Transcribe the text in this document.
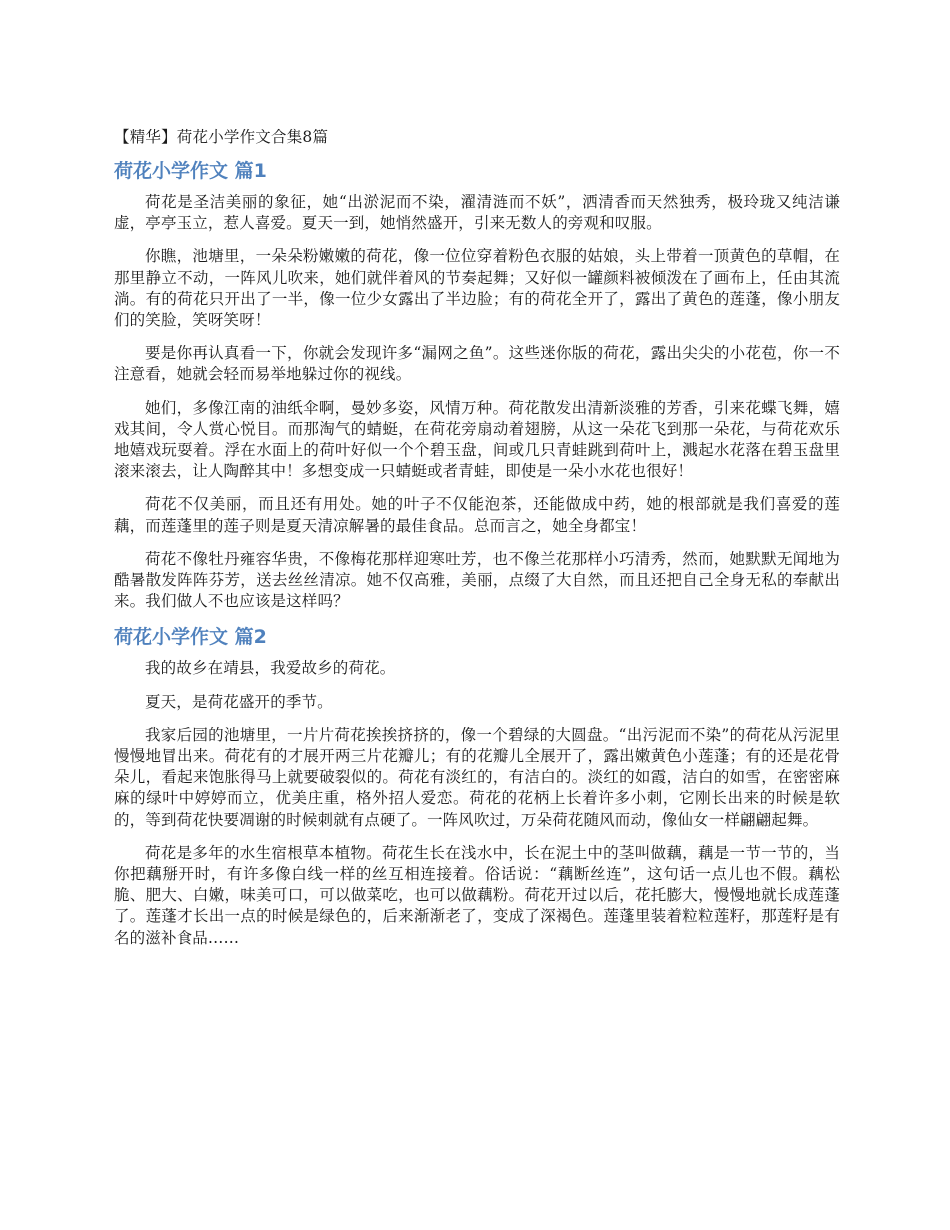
【精华】荷花小学作文合集8篇
荷花小学作文 篇1

荷花是圣洁美丽的象征，她“出淤泥而不染，濯清涟而不妖”，洒清香而天然独秀，极玲珑又纯洁谦虚，亭亭玉立，惹人喜爱。夏天一到，她悄然盛开，引来无数人的旁观和叹服。

你瞧，池塘里，一朵朵粉嫩嫩的荷花，像一位位穿着粉色衣服的姑娘，头上带着一顶黄色的草帽，在那里静立不动，一阵风儿吹来，她们就伴着风的节奏起舞；又好似一罐颜料被倾泼在了画布上，任由其流淌。有的荷花只开出了一半，像一位少女露出了半边脸；有的荷花全开了，露出了黄色的莲蓬，像小朋友们的笑脸，笑呀笑呀！

要是你再认真看一下，你就会发现许多“漏网之鱼”。这些迷你版的荷花，露出尖尖的小花苞，你一不注意看，她就会轻而易举地躲过你的视线。

她们，多像江南的油纸伞啊，曼妙多姿，风情万种。荷花散发出清新淡雅的芳香，引来花蝶飞舞，嬉戏其间，令人赏心悦目。而那淘气的蜻蜓，在荷花旁扇动着翅膀，从这一朵花飞到那一朵花，与荷花欢乐地嬉戏玩耍着。浮在水面上的荷叶好似一个个碧玉盘，间或几只青蛙跳到荷叶上，溅起水花落在碧玉盘里滚来滚去，让人陶醉其中！多想变成一只蜻蜓或者青蛙，即使是一朵小水花也很好！

荷花不仅美丽，而且还有用处。她的叶子不仅能泡茶，还能做成中药，她的根部就是我们喜爱的莲藕，而莲蓬里的莲子则是夏天清凉解暑的最佳食品。总而言之，她全身都宝！

荷花不像牡丹雍容华贵，不像梅花那样迎寒吐芳，也不像兰花那样小巧清秀，然而，她默默无闻地为酷暑散发阵阵芬芳，送去丝丝清凉。她不仅高雅，美丽，点缀了大自然，而且还把自己全身无私的奉献出来。我们做人不也应该是这样吗？

荷花小学作文 篇2

我的故乡在靖县，我爱故乡的荷花。

夏天，是荷花盛开的季节。

我家后园的池塘里，一片片荷花挨挨挤挤的，像一个碧绿的大圆盘。“出污泥而不染”的荷花从污泥里慢慢地冒出来。荷花有的才展开两三片花瓣儿；有的花瓣儿全展开了，露出嫩黄色小莲蓬；有的还是花骨朵儿，看起来饱胀得马上就要破裂似的。荷花有淡红的，有洁白的。淡红的如霞，洁白的如雪，在密密麻麻的绿叶中婷婷而立，优美庄重，格外招人爱恋。荷花的花柄上长着许多小刺，它刚长出来的时候是软的，等到荷花快要凋谢的时候刺就有点硬了。一阵风吹过，万朵荷花随风而动，像仙女一样翩翩起舞。

荷花是多年的水生宿根草本植物。荷花生长在浅水中，长在泥土中的茎叫做藕，藕是一节一节的，当你把藕掰开时，有许多像白线一样的丝互相连接着。俗话说：“藕断丝连”，这句话一点儿也不假。藕松脆、肥大、白嫩，味美可口，可以做菜吃，也可以做藕粉。荷花开过以后，花托膨大，慢慢地就长成莲蓬了。莲蓬才长出一点的时候是绿色的，后来渐渐老了，变成了深褐色。莲蓬里装着粒粒莲籽，那莲籽是有名的滋补食品……
